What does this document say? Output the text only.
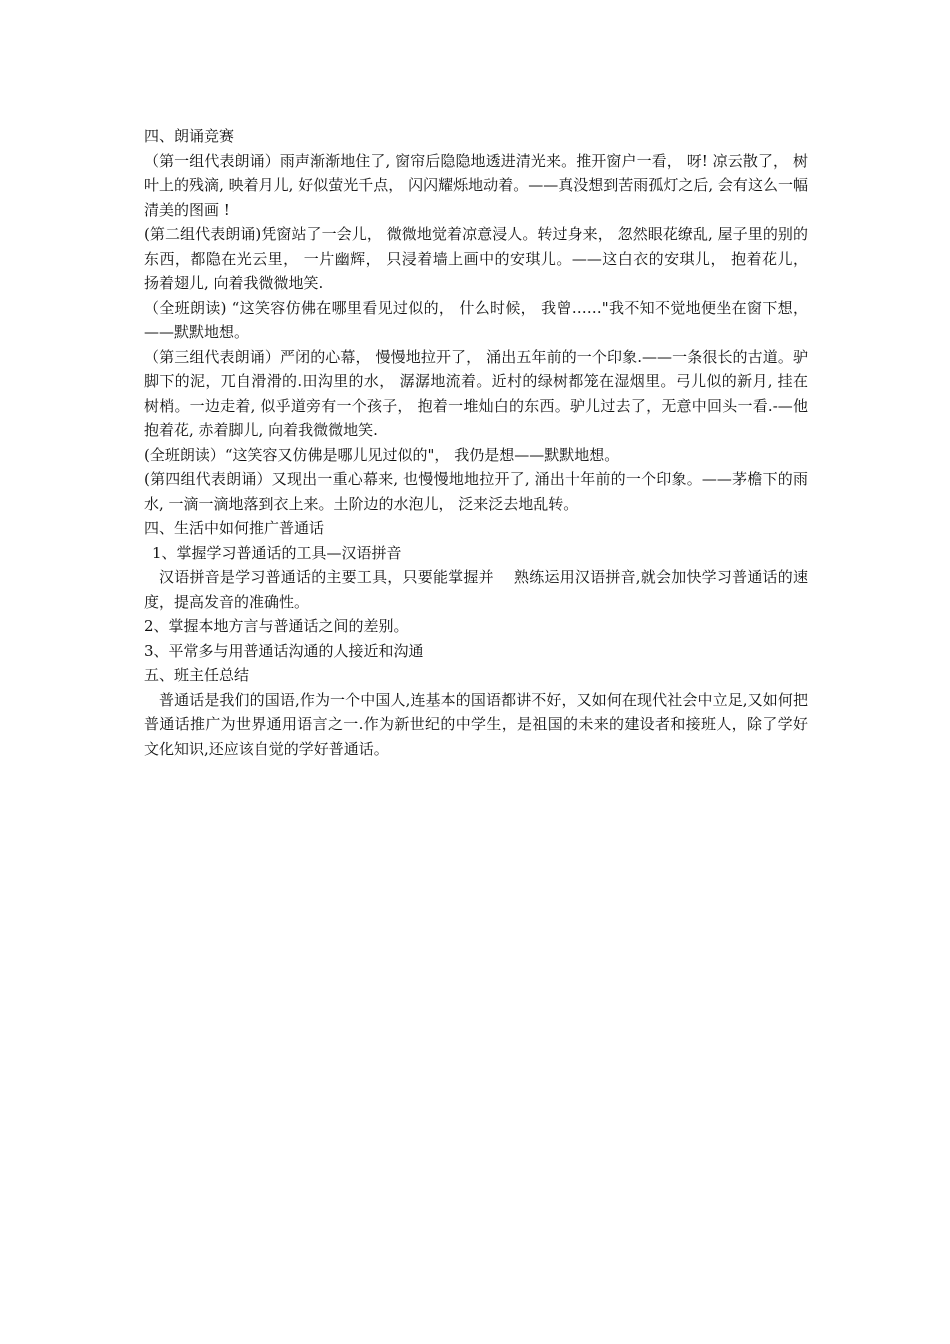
四、朗诵竞赛

（第一组代表朗诵）雨声渐渐地住了, 窗帘后隐隐地透进清光来。推开窗户一看， 呀! 凉云散了， 树叶上的残滴, 映着月儿, 好似萤光千点， 闪闪耀烁地动着。——真没想到苦雨孤灯之后, 会有这么一幅清美的图画 !

(第二组代表朗诵)凭窗站了一会儿， 微微地觉着凉意浸人。转过身来， 忽然眼花缭乱, 屋子里的别的东西，都隐在光云里， 一片幽辉， 只浸着墙上画中的安琪儿。——这白衣的安琪儿， 抱着花儿， 扬着翅儿, 向着我微微地笑.

（全班朗读) “这笑容仿佛在哪里看见过似的， 什么时候， 我曾……"我不知不觉地便坐在窗下想，——默默地想。

（第三组代表朗诵）严闭的心幕， 慢慢地拉开了， 涌出五年前的一个印象.——一条很长的古道。驴脚下的泥，兀自滑滑的.田沟里的水， 潺潺地流着。近村的绿树都笼在湿烟里。弓儿似的新月, 挂在树梢。一边走着, 似乎道旁有一个孩子， 抱着一堆灿白的东西。驴儿过去了，无意中回头一看.-—他抱着花, 赤着脚儿, 向着我微微地笑.

(全班朗读）“这笑容又仿佛是哪儿见过似的"， 我仍是想——默默地想。

(第四组代表朗诵）又现出一重心幕来, 也慢慢地地拉开了, 涌出十年前的一个印象。——茅檐下的雨水, 一滴一滴地落到衣上来。土阶边的水泡儿， 泛来泛去地乱转。

四、生活中如何推广普通话

1、掌握学习普通话的工具—汉语拼音

汉语拼音是学习普通话的主要工具，只要能掌握并　 熟练运用汉语拼音,就会加快学习普通话的速度，提高发音的准确性。

2、掌握本地方言与普通话之间的差别。

3、平常多与用普通话沟通的人接近和沟通

五、班主任总结

普通话是我们的国语,作为一个中国人,连基本的国语都讲不好，又如何在现代社会中立足,又如何把普通话推广为世界通用语言之一.作为新世纪的中学生，是祖国的未来的建设者和接班人，除了学好文化知识,还应该自觉的学好普通话。
